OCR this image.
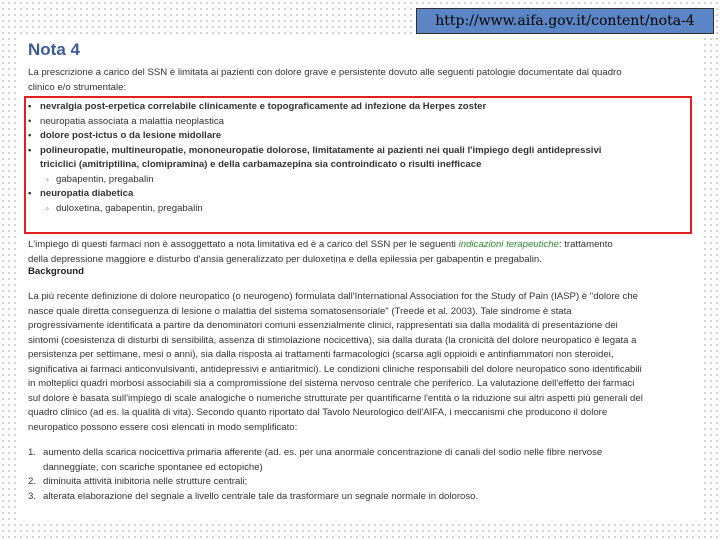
http://www.aifa.gov.it/content/nota-4
Nota 4

La prescrizione a carico del SSN è limitata ai pazienti con dolore grave e persistente dovuto alle seguenti patologie documentate dal quadro
clinico e/o strumentale:

• nevralgia post-erpetica correlabile clinicamente e topograficamente ad infezione da Herpes zoster
• neuropatia associata a malattia neoplastica
• dolore post-ictus o da lesione midollare
• polineuropatie, multineuropatie, mononeuropatie dolorose, limitatamente ai pazienti nei quali l'impiego degli antidepressivi
triciclici (amitriptilina, clomipramina) e della carbamazepina sia controindicato o risulti inefficace
◦ gabapentin, pregabalin
• neuropatia diabetica
◦ duloxetina, gabapentin, pregabalin

L'impiego di questi farmaci non è assoggettato a nota limitativa ed è a carico del SSN per le seguenti indicazioni terapeutiche: trattamento
della depressione maggiore e disturbo d'ansia generalizzato per duloxetina e della epilessia per gabapentin e pregabalin.

Background

La più recente definizione di dolore neuropatico (o neurogeno) formulata dall'International Association for the Study of Pain (IASP) è "dolore che
nasce quale diretta conseguenza di lesione o malattia del sistema somatosensoriale" (Treede et al. 2003). Tale sindrome è stata
progressivamente identificata a partire da denominatori comuni essenzialmente clinici, rappresentati sia dalla modalità di presentazione dei
sintomi (coesistenza di disturbi di sensibilità, assenza di stimolazione nocicettiva), sia dalla durata (la cronicità del dolore neuropatico è legata a
persistenza per settimane, mesi o anni), sia dalla risposta ai trattamenti farmacologici (scarsa agli oppioidi e antinfiammatori non steroidei,
significativa ai farmaci anticonvulsivanti, antidepressivi e antiaritmici). Le condizioni cliniche responsabili del dolore neuropatico sono identificabili
in molteplici quadri morbosi associabili sia a compromissione del sistema nervoso centrale che periferico. La valutazione dell'effetto dei farmaci
sul dolore è basata sull'impiego di scale analogiche o numeriche strutturate per quantificarne l'entità o la riduzione sui altri aspetti più generali del
quadro clinico (ad es. la qualità di vita). Secondo quanto riportato dal Tavolo Neurologico dell'AIFA, i meccanismi che producono il dolore
neuropatico possono essere così elencati in modo semplificato:

1. aumento della scarica nocicettiva primaria afferente (ad. es. per una anormale concentrazione di canali del sodio nelle fibre nervose
danneggiate, con scariche spontanee ed ectopiche)
2. diminuita attività inibitoria nelle strutture centrali;
3. alterata elaborazione del segnale a livello centrale tale da trasformare un segnale normale in doloroso.
